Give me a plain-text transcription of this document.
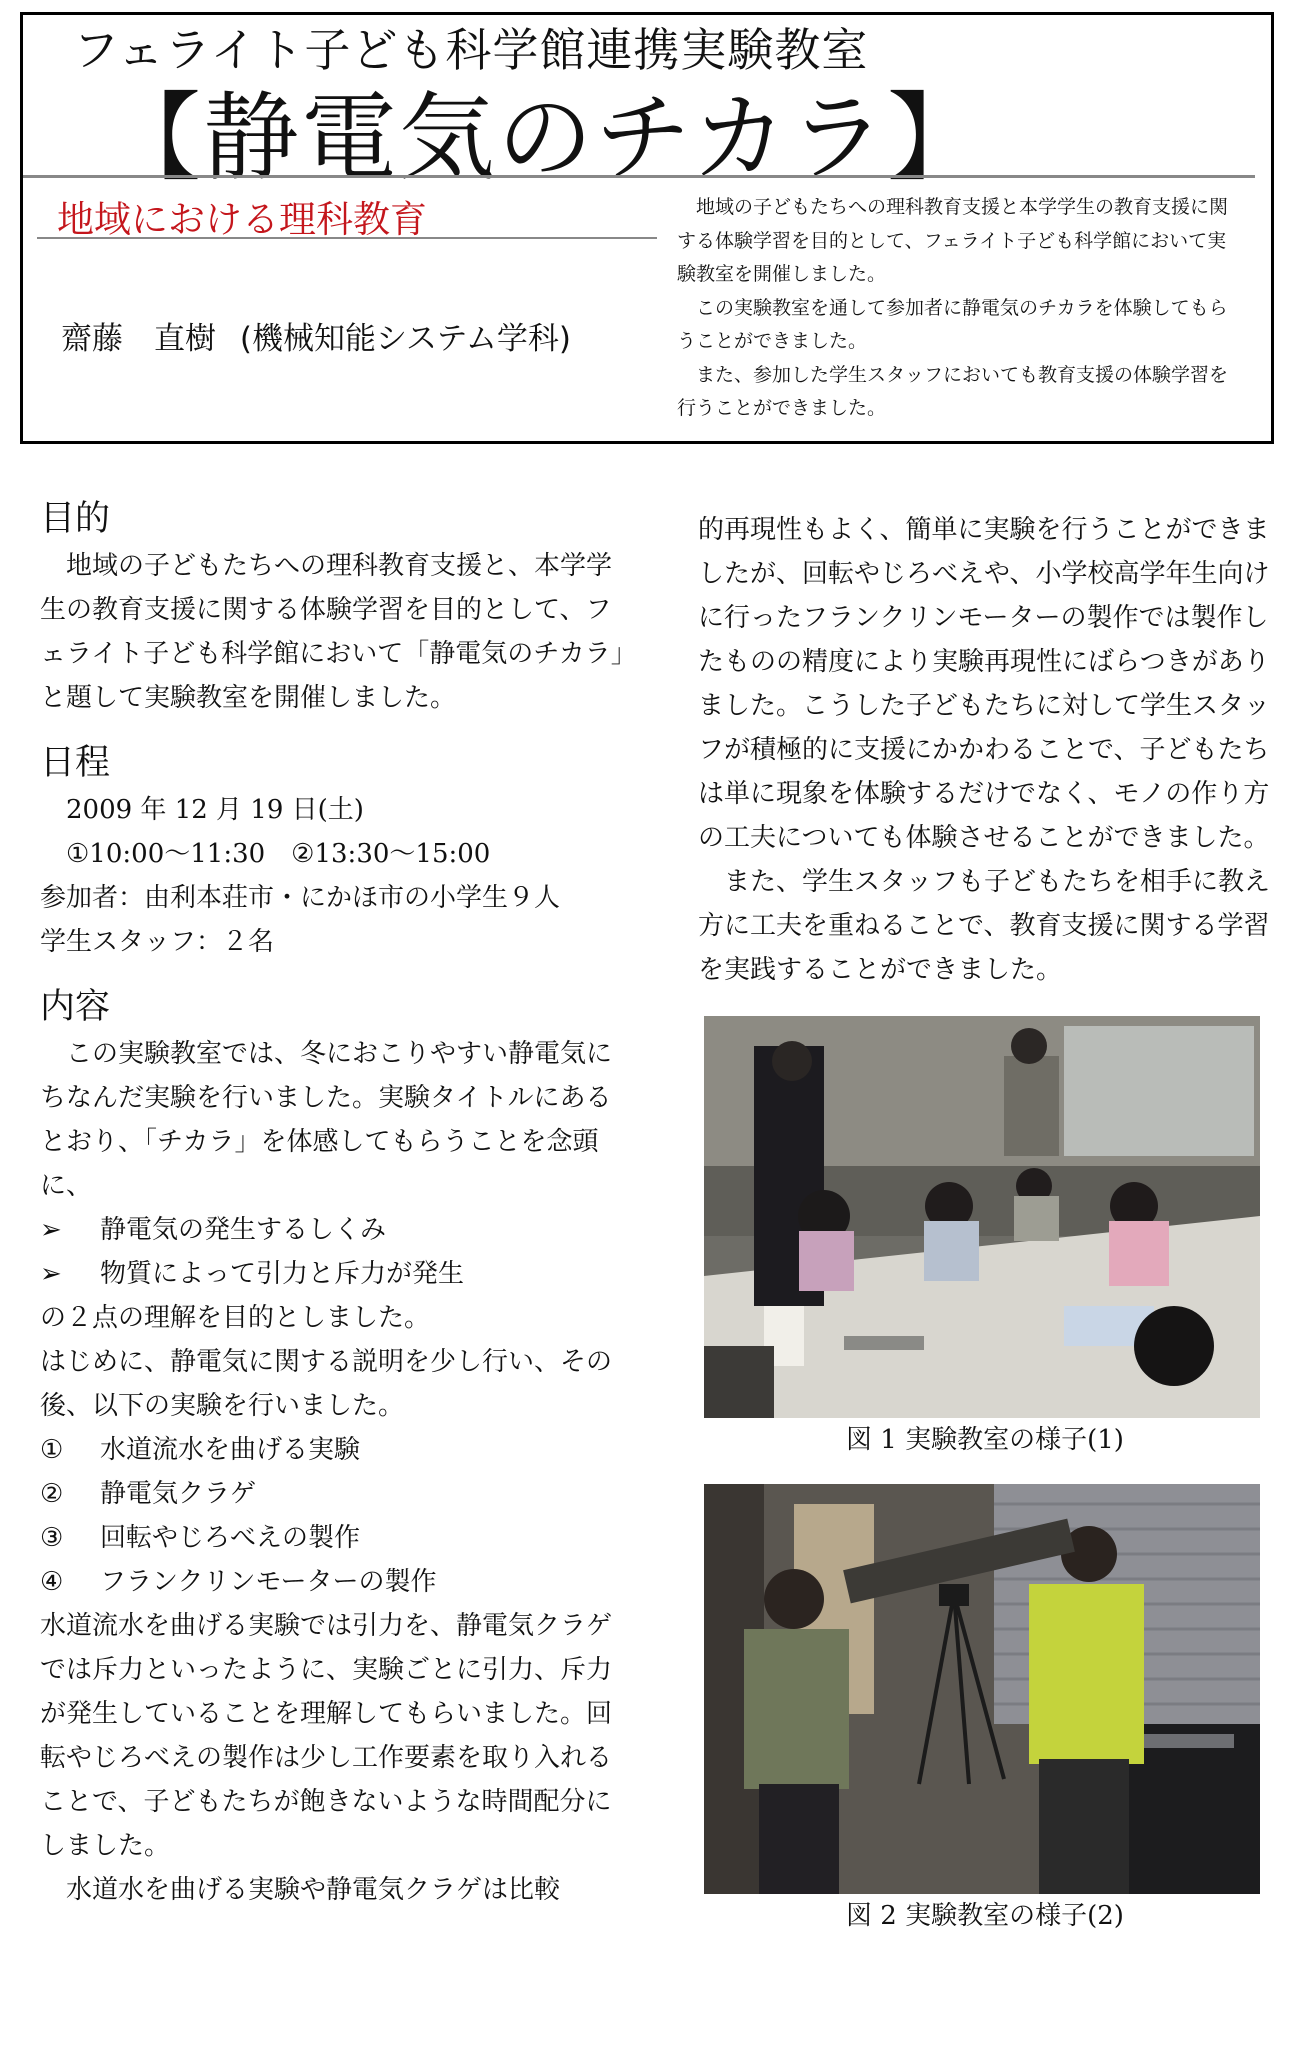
フェライト子ども科学館連携実験教室
【静電気のチカラ】
地域における理科教育
齋藤　直樹 (機械知能システム学科)

地域の子どもたちへの理科教育支援と本学学生の教育支援に関する体験学習を目的として、フェライト子ども科学館において実験教室を開催しました。

この実験教室を通して参加者に静電気のチカラを体験してもらうことができました。

また、参加した学生スタッフにおいても教育支援の体験学習を行うことができました。

目的

地域の子どもたちへの理科教育支援と、本学学生の教育支援に関する体験学習を目的として、フェライト子ども科学館において「静電気のチカラ」と題して実験教室を開催しました。

日程
2009 年 12 月 19 日(土)
①10:00～11:30　②13:30～15:00
参加者：由利本荘市・にかほ市の小学生９人
学生スタッフ：２名
内容

この実験教室では、冬におこりやすい静電気にちなんだ実験を行いました。実験タイトルにあるとおり、「チカラ」を体感してもらうことを念頭に、

➢	静電気の発生するしくみ
➢	物質によって引力と斥力が発生

の２点の理解を目的としました。

はじめに、静電気に関する説明を少し行い、その後、以下の実験を行いました。

①	水道流水を曲げる実験
②	静電気クラゲ
③	回転やじろべえの製作
④	フランクリンモーターの製作

水道流水を曲げる実験では引力を、静電気クラゲでは斥力といったように、実験ごとに引力、斥力が発生していることを理解してもらいました。回転やじろべえの製作は少し工作要素を取り入れることで、子どもたちが飽きないような時間配分にしました。

水道水を曲げる実験や静電気クラゲは比較

的再現性もよく、簡単に実験を行うことができましたが、回転やじろべえや、小学校高学年生向けに行ったフランクリンモーターの製作では製作したものの精度により実験再現性にばらつきがありました。こうした子どもたちに対して学生スタッフが積極的に支援にかかわることで、子どもたちは単に現象を体験するだけでなく、モノの作り方の工夫についても体験させることができました。

また、学生スタッフも子どもたちを相手に教え方に工夫を重ねることで、教育支援に関する学習を実践することができました。

図 1 実験教室の様子(1)
図 2 実験教室の様子(2)
